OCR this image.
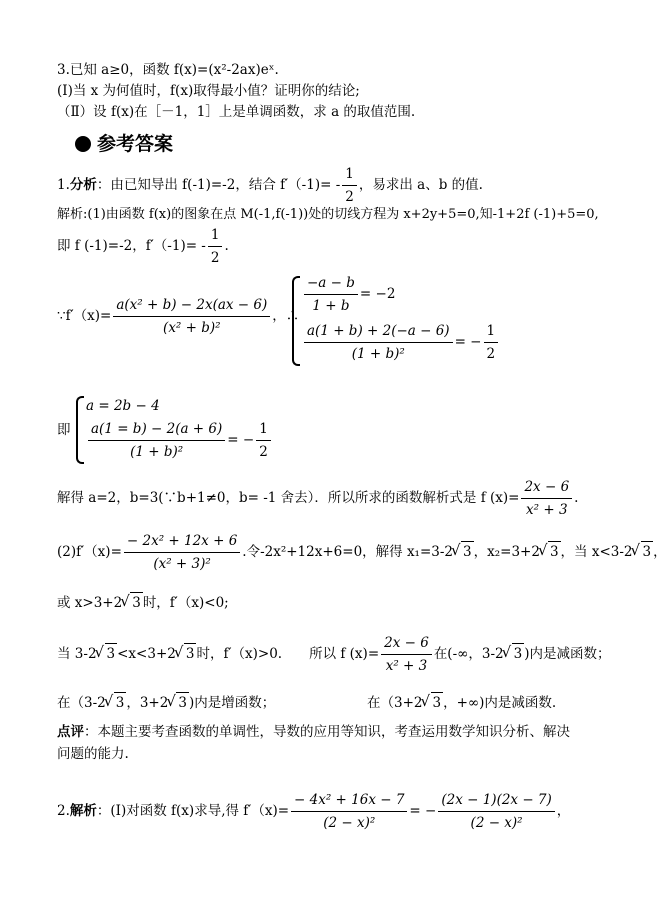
3.已知 a≥0，函数 f(x)=(x²-2ax)eˣ.
(Ⅰ)当 x 为何值时，f(x)取得最小值？证明你的结论;
（Ⅱ）设 f(x)在［－1，1］上是单调函数，求 a 的取值范围.
参考答案
1.分析：由已知导出 f(-1)=-2，结合 $f'(-1)= - \frac{1}{2}$ ，易求出 a、b 的值.
解析:(1)由函数 f(x)的图象在点 M(-1,f(-1))处的切线方程为 x+2y+5=0,知-1+2f (-1)+5=0,
即 f (-1)=-2，$f'(-1)= - \frac{1}{2}$ .
∵f′（x)= $\frac{\text{a(x² + b) − 2x(ax − 6)}}{\text{(x² + b)²}}$ ，∴
$\frac{-a - b}{1 + b} = -2$
$\frac{a(1 + b) + 2(-a - 6)}{\text{(1 + b)²}}$ = − $\frac{1}{2}$
即
a = 2b − 4
$\frac{a(1 = b) - 2(a + 6)}{\text{(1 + b)²}}$ = − $\frac{1}{2}$
解得 a=2，b=3(∵b+1≠0，b= -1 舍去）．所以所求的函数解析式是 f $(x)= \frac{2x - 6}{\text{x² + 3}}$ .
$(2)f'(x)= \frac{\text{− 2x² + 12x + 6}}{\text{(x² + 3)²}}$ .令-2x²+12x+6=0，解得 x₁=3-2 √ 3 ，x₂=3+2 √ 3 ，当 x<3-2 √ 3 ，
或 x>3+2 √ 3 时，f′（x)<0;
当 3-2 √ 3 <x<3+2 √ 3 时，f′（x)>0.　　所以 f $(x)= \frac{2x - 6}{\text{x² + 3}}$ 在(-∞，3-2 √ 3 )内是减函数；
在（3-2 √ 3 ，3+2 √ 3 )内是增函数；	在（3+2 √ 3 ，+∞)内是减函数.
点评：本题主要考查函数的单调性，导数的应用等知识，考查运用数学知识分析、解决
问题的能力.
2.解析：(Ⅰ)对函数 f(x)求导,得 $f'(x)= \frac{\text{− 4x² + 16x − 7}}{\text{(2 − x)²}}$ = − $\frac{(2x - 1)(2x - 7)}{\text{(2 − x)²}}$ ，
